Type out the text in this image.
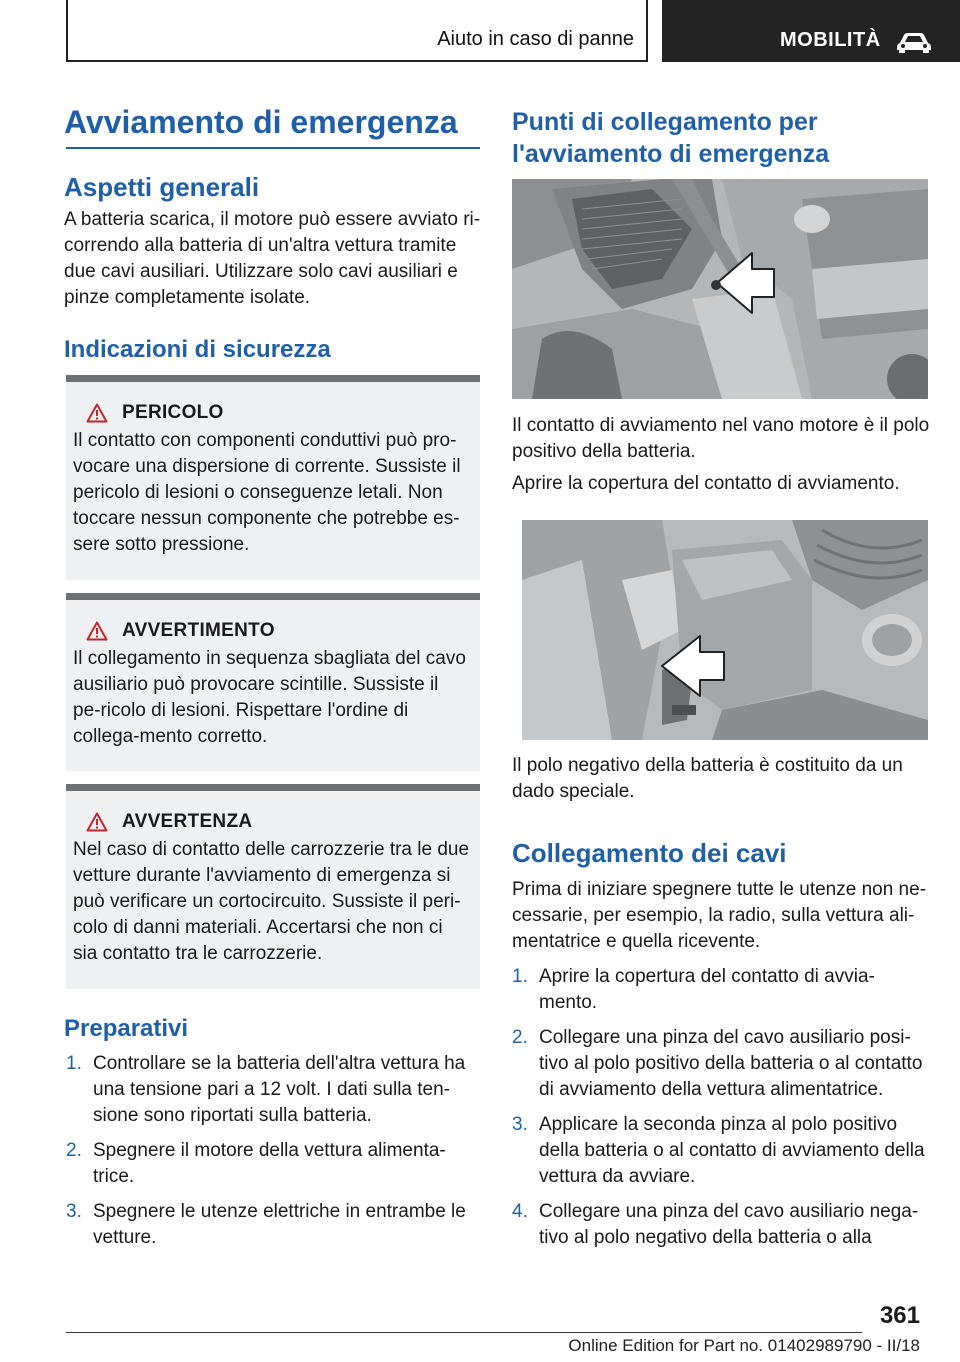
Aiuto in caso di panne	MOBILITÀ
Avviamento di emergenza
Aspetti generali
A batteria scarica, il motore può essere avviato ri-correndo alla batteria di un'altra vettura tramite due cavi ausiliari. Utilizzare solo cavi ausiliari e pinze completamente isolate.
Indicazioni di sicurezza
PERICOLO
Il contatto con componenti conduttivi può pro-vocare una dispersione di corrente. Sussiste il pericolo di lesioni o conseguenze letali. Non toccare nessun componente che potrebbe es-sere sotto pressione.
AVVERTIMENTO
Il collegamento in sequenza sbagliata del cavo ausiliario può provocare scintille. Sussiste il pe-ricolo di lesioni. Rispettare l'ordine di collega-mento corretto.
AVVERTENZA
Nel caso di contatto delle carrozzerie tra le due vetture durante l'avviamento di emergenza si può verificare un cortocircuito. Sussiste il peri-colo di danni materiali. Accertarsi che non ci sia contatto tra le carrozzerie.
Preparativi
1. Controllare se la batteria dell'altra vettura ha una tensione pari a 12 volt. I dati sulla ten-sione sono riportati sulla batteria.
2. Spegnere il motore della vettura alimenta-trice.
3. Spegnere le utenze elettriche in entrambe le vetture.
Punti di collegamento per l'avviamento di emergenza
Il contatto di avviamento nel vano motore è il polo positivo della batteria.
Aprire la copertura del contatto di avviamento.
Il polo negativo della batteria è costituito da un dado speciale.
Collegamento dei cavi
Prima di iniziare spegnere tutte le utenze non ne-cessarie, per esempio, la radio, sulla vettura ali-mentatrice e quella ricevente.
1. Aprire la copertura del contatto di avvia-mento.
2. Collegare una pinza del cavo ausiliario posi-tivo al polo positivo della batteria o al contatto di avviamento della vettura alimentatrice.
3. Applicare la seconda pinza al polo positivo della batteria o al contatto di avviamento della vettura da avviare.
4. Collegare una pinza del cavo ausiliario nega-tivo al polo negativo della batteria o alla
361
Online Edition for Part no. 01402989790 - II/18
